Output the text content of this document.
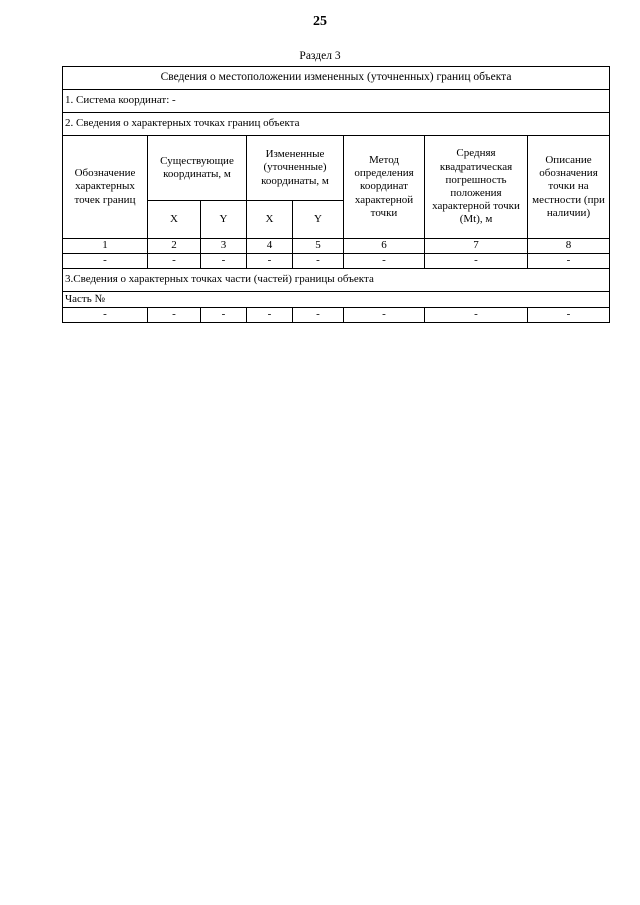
25
Раздел 3
Сведения о местоположении измененных (уточненных) границ объекта							
1. Система координат: -							
2. Сведения о характерных точках границ объекта							
Обозначение характерных точек границ	Существующие координаты, м		Измененные (уточненные) координаты, м		Метод определения координат характерной точки	Средняя квадратическая погрешность положения характерной точки (Mt), м	Описание обозначения точки на местности (при наличии)
	X	Y	X	Y			
1	2	3	4	5	6	7	8
-	-	-	-	-	-	-	-
3.Сведения о характерных точках части (частей) границы объекта							
Часть №							
-	-	-	-	-	-	-	-
